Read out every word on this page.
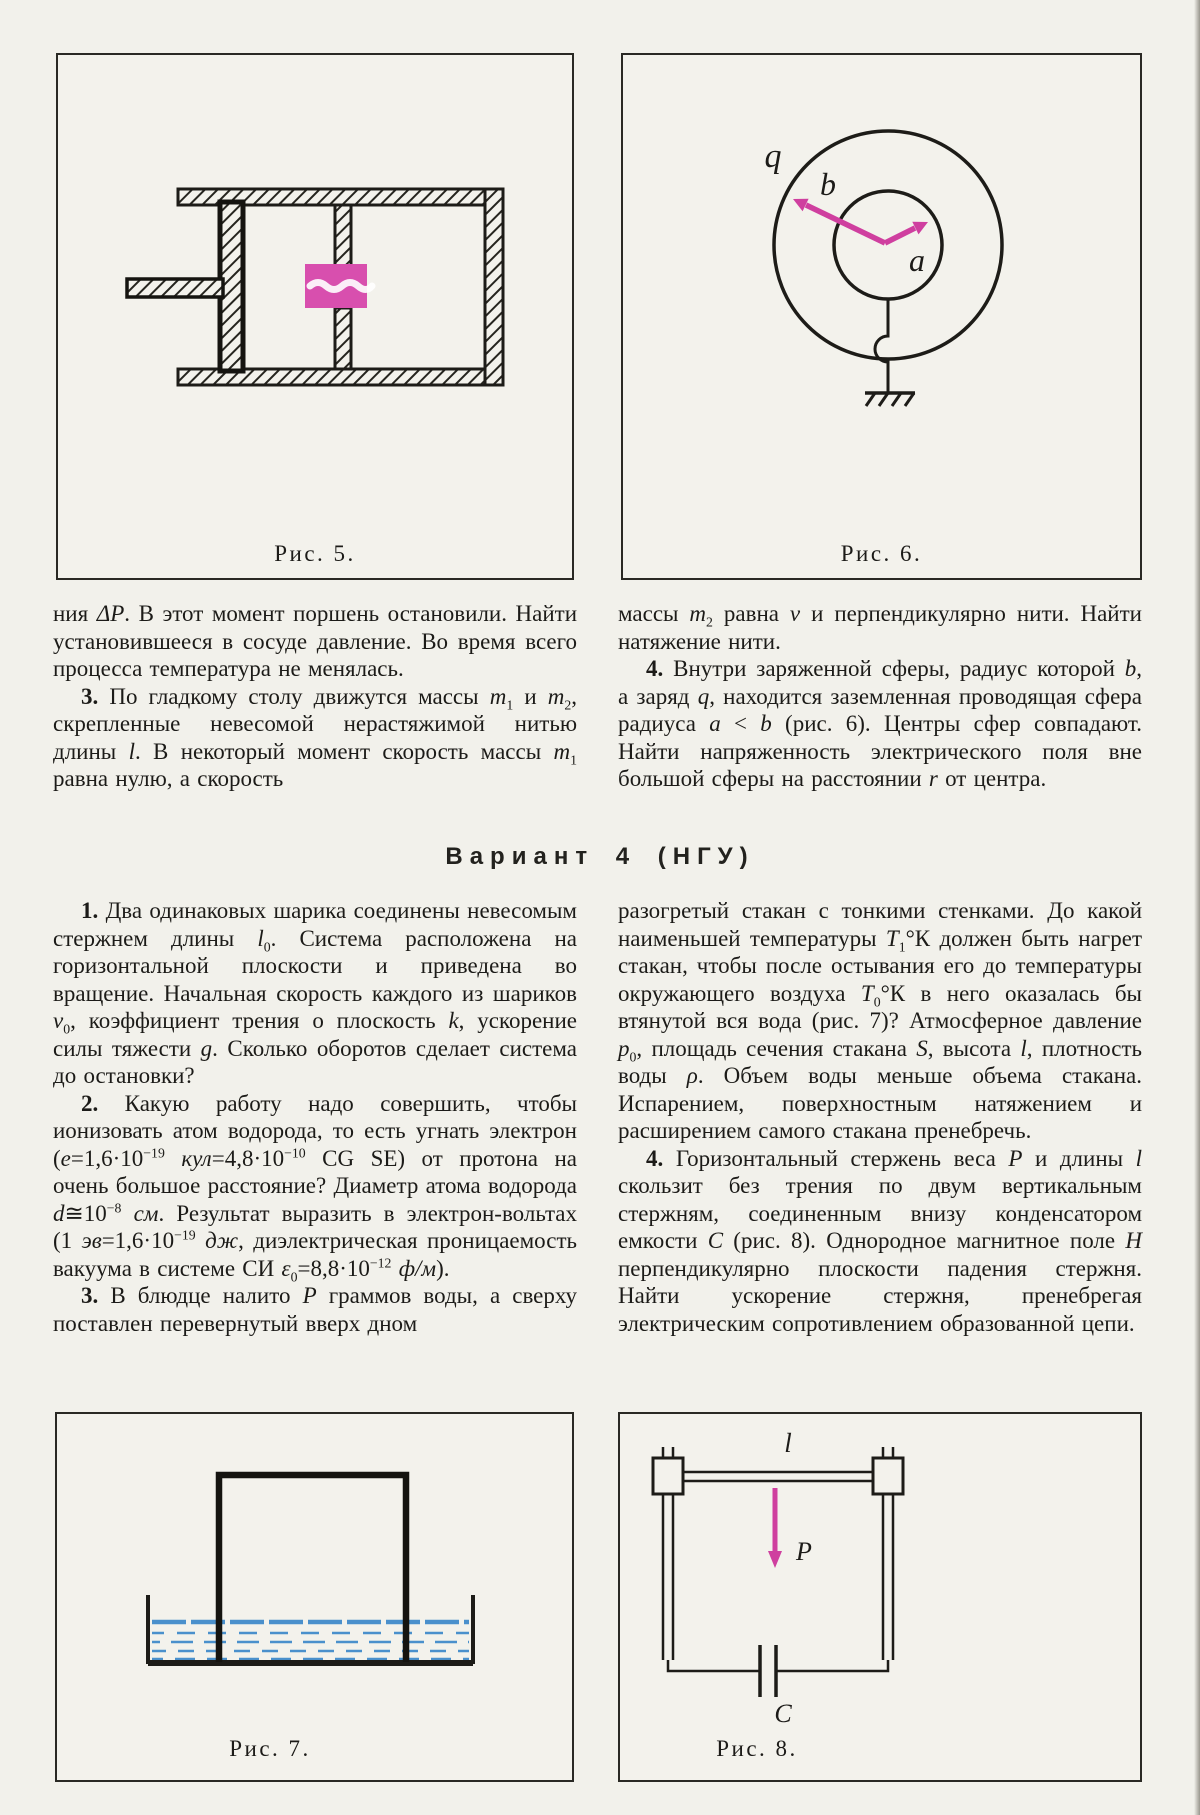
Рис. 5.
q
b
a
Рис. 6.

ния ΔP. В этот момент поршень остановили. Найти установившееся в сосуде давление. Во время всего процесса температура не менялась.

3. По гладкому столу движутся массы $m_1$ и $m_2$, скрепленные невесомой нерастяжимой нитью длины l. В некоторый момент скорость массы $m_1$ равна нулю, а скорость

массы $m_2$ равна v и перпендикулярно нити. Найти натяжение нити.

4. Внутри заряженной сферы, радиус которой b, а заряд q, находится заземленная проводящая сфера радиуса a < b (рис. 6). Центры сфер совпадают. Найти напряженность электрического поля вне большой сферы на расстоянии r от центра.

Вариант 4 (НГУ)

1. Два одинаковых шарика соединены невесомым стержнем длины $l_0$. Система расположена на горизонтальной плоскости и приведена во вращение. Начальная скорость каждого из шариков $v_0$, коэффициент трения о плоскость k, ускорение силы тяжести g. Сколько оборотов сделает система до остановки?

2. Какую работу надо совершить, чтобы ионизовать атом водорода, то есть угнать электрон ($e=1,6\cdot 10^{-19}$ $кул=4,8\cdot 10^{-10}$ CG SE) от протона на очень большое расстояние? Диаметр атома водорода $d≅10^{-8}$ см. Результат выразить в электрон-вольтах (1 $эв=1,6\cdot 10^{-19}$ дж, диэлектрическая проницаемость вакуума в системе СИ $\varepsilon_0=8,8\cdot 10^{-12}$ ф/м).

3. В блюдце налито P граммов воды, а сверху поставлен перевернутый вверх дном

разогретый стакан с тонкими стенками. До какой наименьшей температуры $T_1^\circ К$ должен быть нагрет стакан, чтобы после остывания его до температуры окружающего воздуха $T_0^\circ К$ в него оказалась бы втянутой вся вода (рис. 7)? Атмосферное давление $p_0$, площадь сечения стакана S, высота l, плотность воды ρ. Объем воды меньше объема стакана. Испарением, поверхностным натяжением и расширением самого стакана пренебречь.

4. Горизонтальный стержень веса P и длины l скользит без трения по двум вертикальным стержням, соединенным внизу конденсатором емкости C (рис. 8). Однородное магнитное поле H перпендикулярно плоскости падения стержня. Найти ускорение стержня, пренебрегая электрическим сопротивлением образованной цепи.

Рис. 7.
l
P
C
Рис. 8.
